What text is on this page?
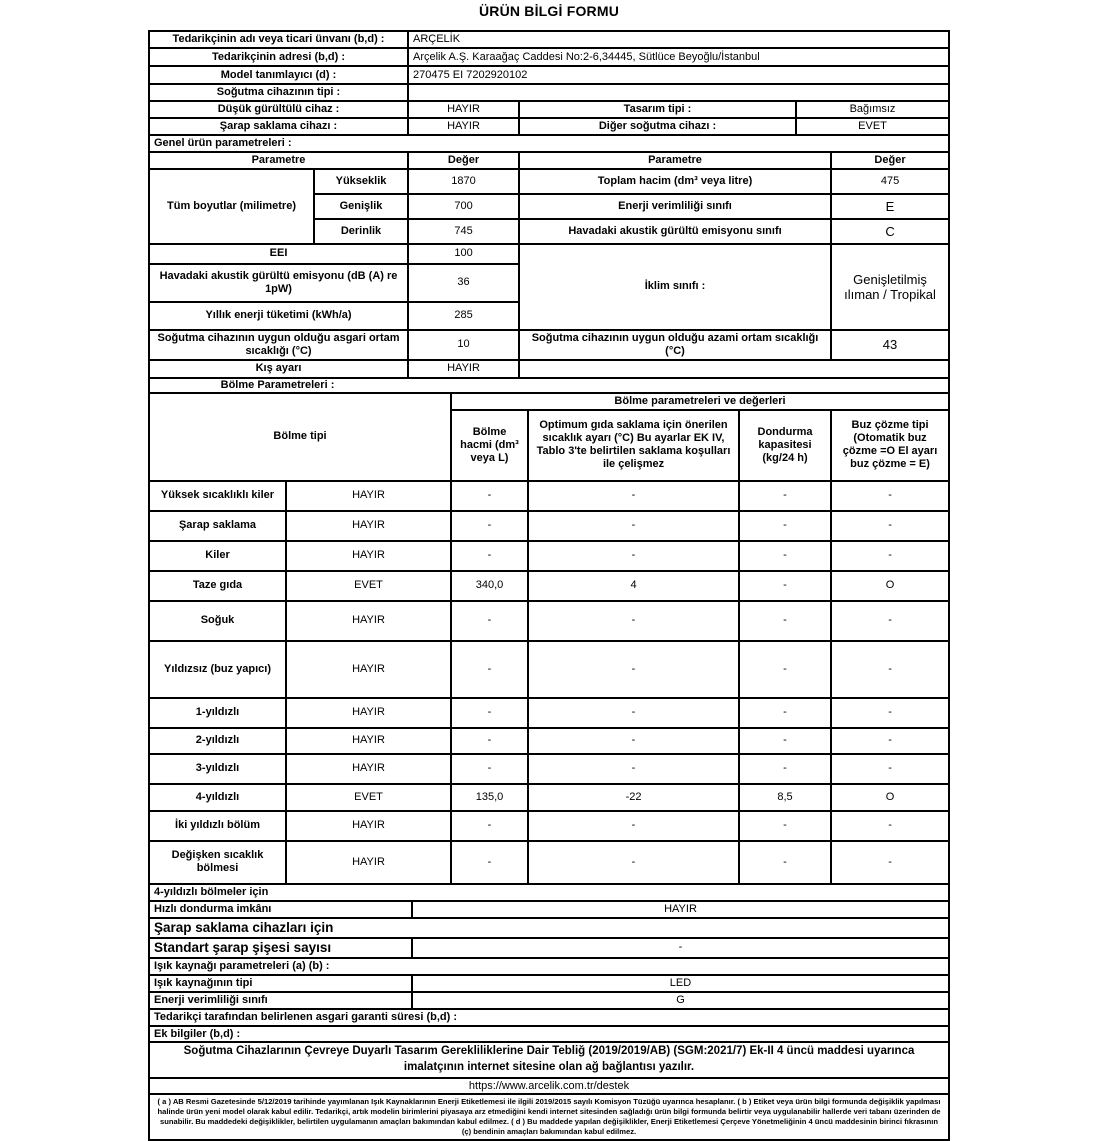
ÜRÜN BİLGİ FORMU
Tedarikçinin adı veya ticari ünvanı (b,d) :	ARÇELİK		
Tedarikçinin adresi (b,d) :	Arçelik A.Ş. Karaağaç Caddesi No:2-6,34445, Sütlüce Beyoğlu/İstanbul		
Model tanımlayıcı (d) :	270475 EI 7202920102		
Soğutma cihazının tipi :			
Düşük gürültülü cihaz :	HAYIR	Tasarım tipi :	Bağımsız
Şarap saklama cihazı :	HAYIR	Diğer soğutma cihazı :	EVET
Genel ürün parametreleri :
Parametre		Değer	Parametre	Değer
Tüm boyutlar (milimetre)	Yükseklik	1870	Toplam hacim (dm³ veya litre)	475
	Genişlik	700	Enerji verimliliği sınıfı	E
	Derinlik	745	Havadaki akustik gürültü emisyonu sınıfı	C
EEI		100	İklim sınıfı :	Genişletilmiş ılıman / Tropikal
Havadaki akustik gürültü emisyonu (dB (A) re 1pW)		36		
Yıllık enerji tüketimi (kWh/a)		285		
Soğutma cihazının uygun olduğu asgari ortam sıcaklığı (°C)		10	Soğutma cihazının uygun olduğu azami ortam sıcaklığı (°C)	43
Kış ayarı		HAYIR		
Bölme Parametreleri :				
Bölme tipi		Bölme parametreleri ve değerleri			
		Bölme hacmi (dm³ veya L)	Optimum gıda saklama için önerilen sıcaklık ayarı (°C) Bu ayarlar EK IV, Tablo 3'te belirtilen saklama koşulları ile çelişmez	Dondurma kapasitesi (kg/24 h)	Buz çözme tipi (Otomatik buz çözme =O El ayarı buz çözme = E)
Yüksek sıcaklıklı kiler	HAYIR	-	-	-	-
Şarap saklama	HAYIR	-	-	-	-
Kiler	HAYIR	-	-	-	-
Taze gıda	EVET	340,0	4	-	O
Soğuk	HAYIR	-	-	-	-
Yıldızsız (buz yapıcı)	HAYIR	-	-	-	-
1-yıldızlı	HAYIR	-	-	-	-
2-yıldızlı	HAYIR	-	-	-	-
3-yıldızlı	HAYIR	-	-	-	-
4-yıldızlı	EVET	135,0	-22	8,5	O
İki yıldızlı bölüm	HAYIR	-	-	-	-
Değişken sıcaklık bölmesi	HAYIR	-	-	-	-
4-yıldızlı bölmeler için	
Hızlı dondurma imkânı	HAYIR
Şarap saklama cihazları için	
Standart şarap şişesi sayısı	-
Işık kaynağı parametreleri (a) (b) :	
Işık kaynağının tipi	LED
Enerji verimliliği sınıfı	G
Tedarikçi tarafından belirlenen asgari garanti süresi (b,d) :	
Ek bilgiler (b,d) :	
Soğutma Cihazlarının Çevreye Duyarlı Tasarım Gerekliliklerine Dair Tebliğ (2019/2019/AB) (SGM:2021/7) Ek-II 4 üncü maddesi uyarınca imalatçının internet sitesine olan ağ bağlantısı yazılır.	
https://www.arcelik.com.tr/destek	
( a ) AB Resmi Gazetesinde 5/12/2019 tarihinde yayımlanan Işık Kaynaklarının Enerji Etiketlemesi ile ilgili 2019/2015 sayılı Komisyon Tüzüğü uyarınca hesaplanır. ( b ) Etiket veya ürün bilgi formunda değişiklik yapılması halinde ürün yeni model olarak kabul edilir. Tedarikçi, artık modelin birimlerini piyasaya arz etmediğini kendi internet sitesinden sağladığı ürün bilgi formunda belirtir veya uygulanabilir hallerde veri tabanı üzerinden de sunabilir. Bu maddedeki değişiklikler, belirtilen uygulamanın amaçları bakımından kabul edilmez. ( d ) Bu maddede yapılan değişiklikler, Enerji Etiketlemesi Çerçeve Yönetmeliğinin 4 üncü maddesinin birinci fıkrasının (ç) bendinin amaçları bakımından kabul edilmez.	
